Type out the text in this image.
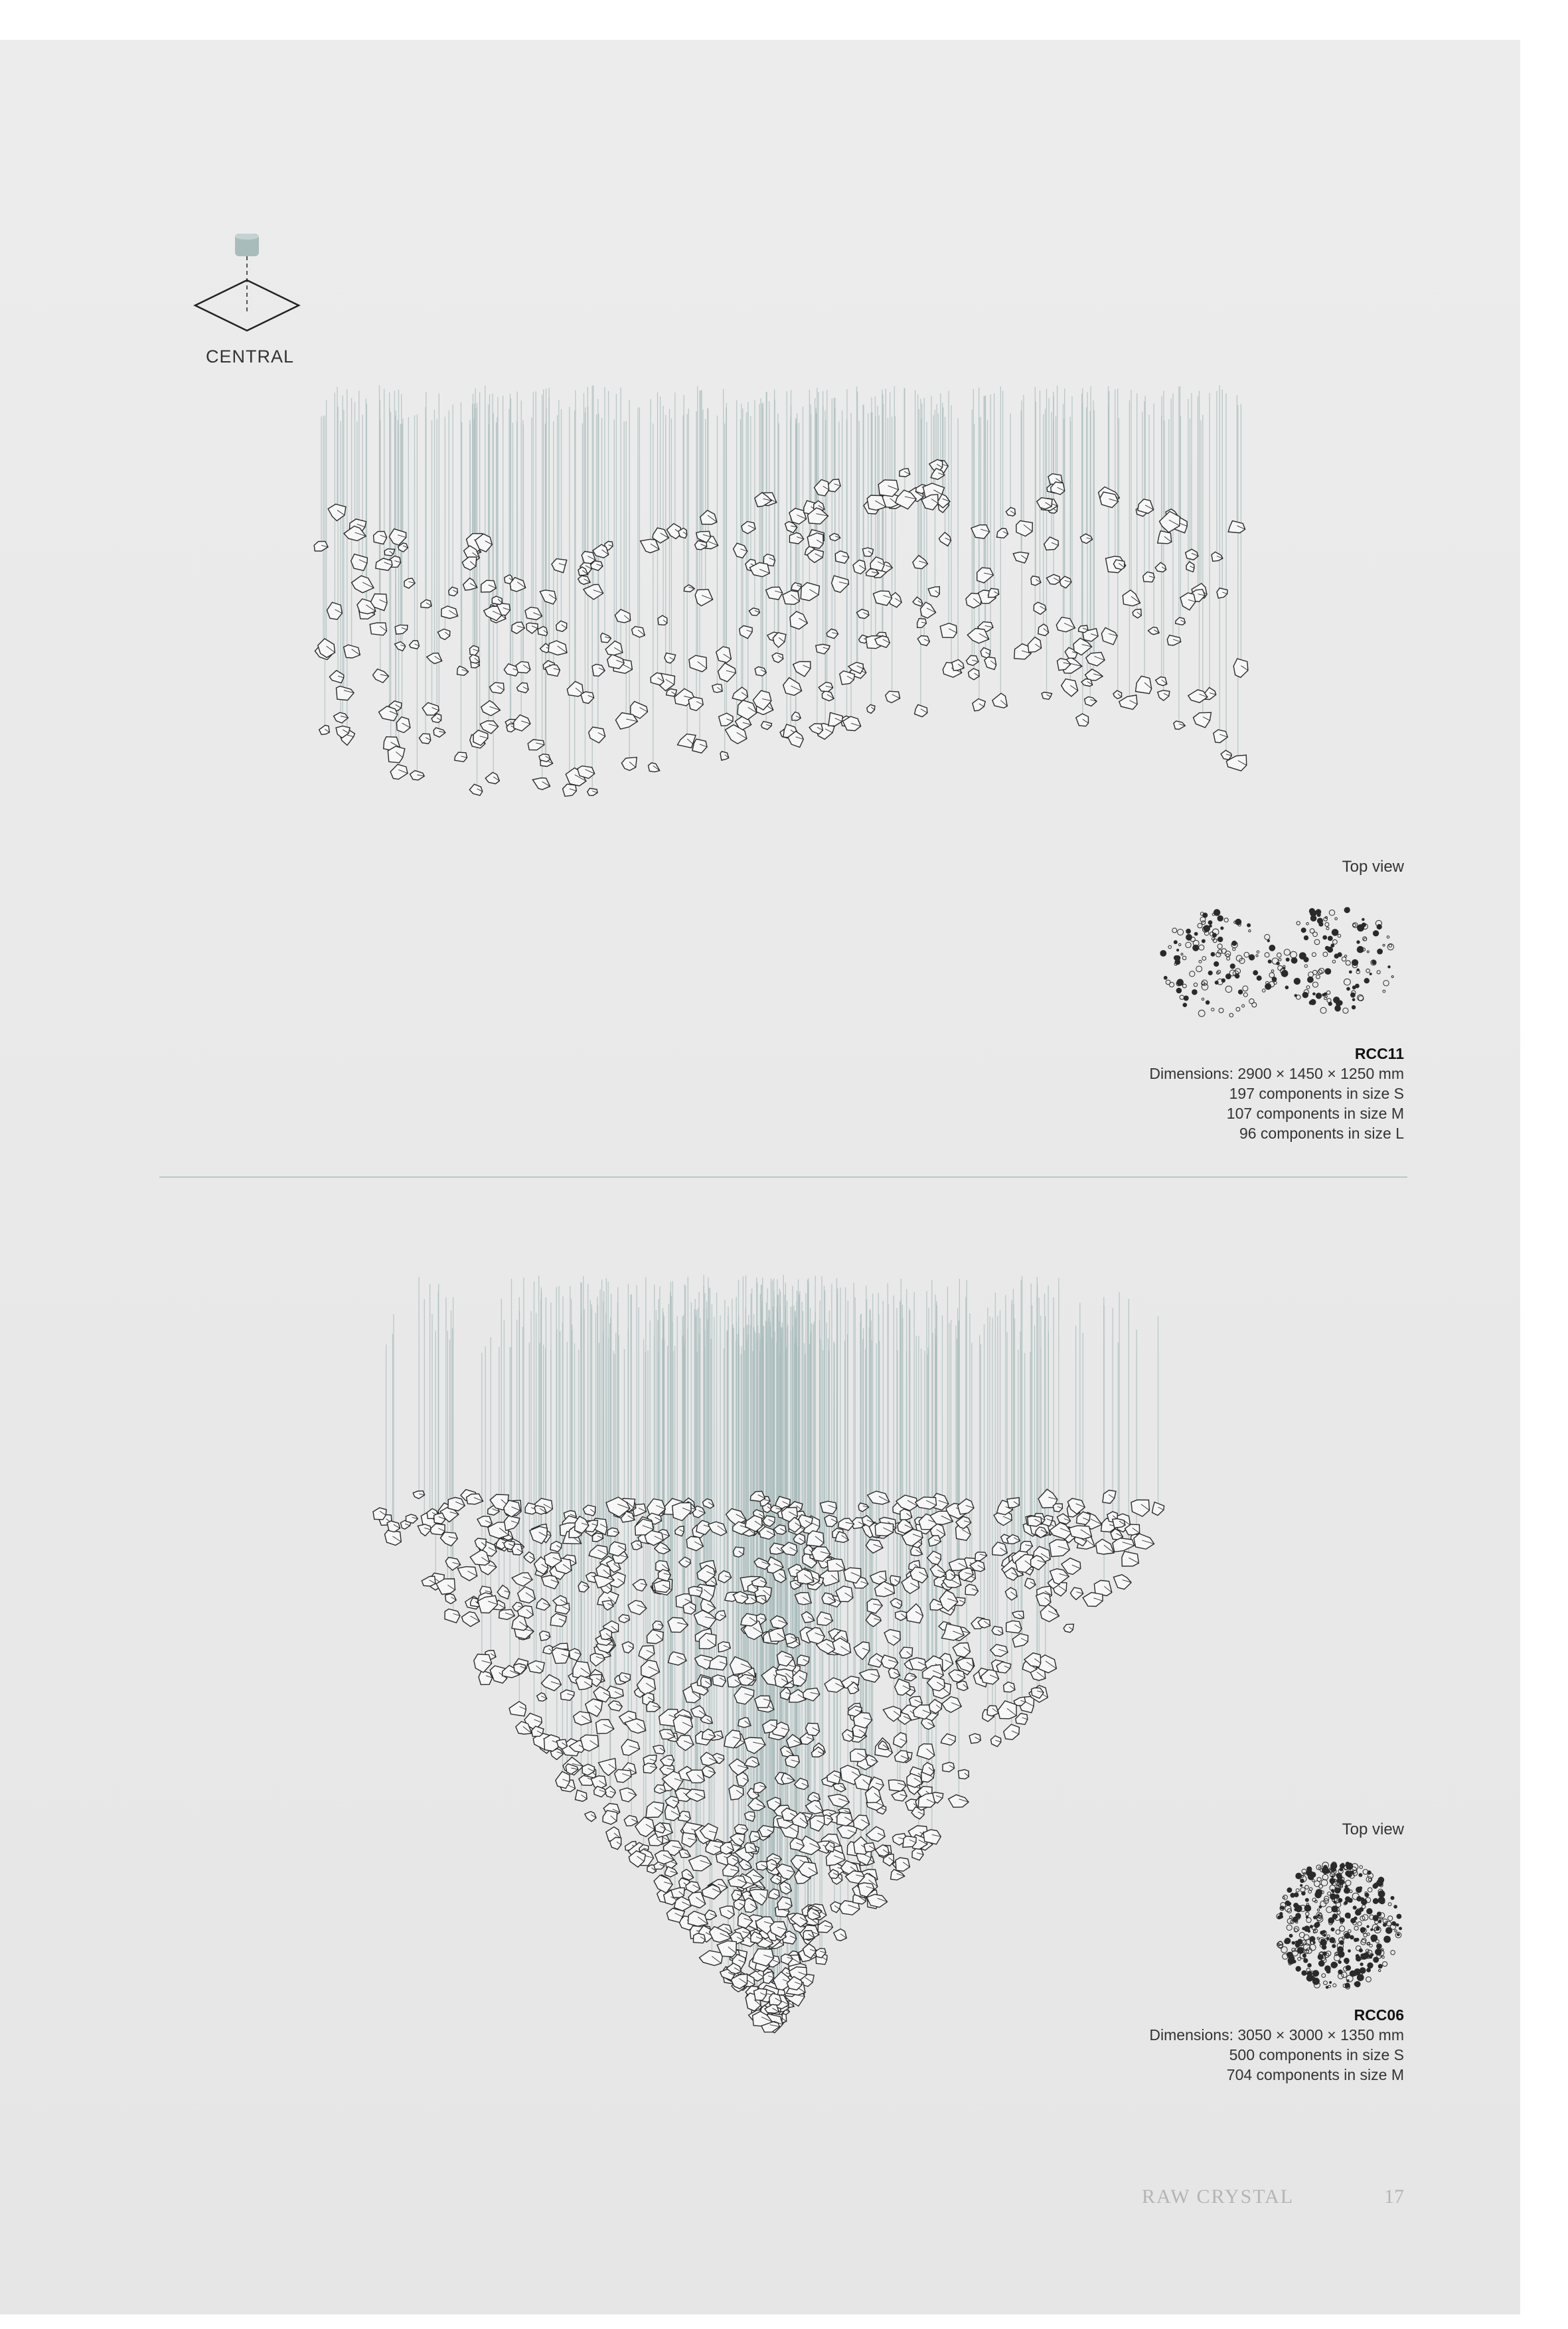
CENTRAL
Top view
RCC11
Dimensions: 2900 × 1450 × 1250 mm
197 components in size S
107 components in size M
96 components in size L
Top view
RCC06
Dimensions: 3050 × 3000 × 1350 mm
500 components in size S
704 components in size M
RAW CRYSTAL	17
